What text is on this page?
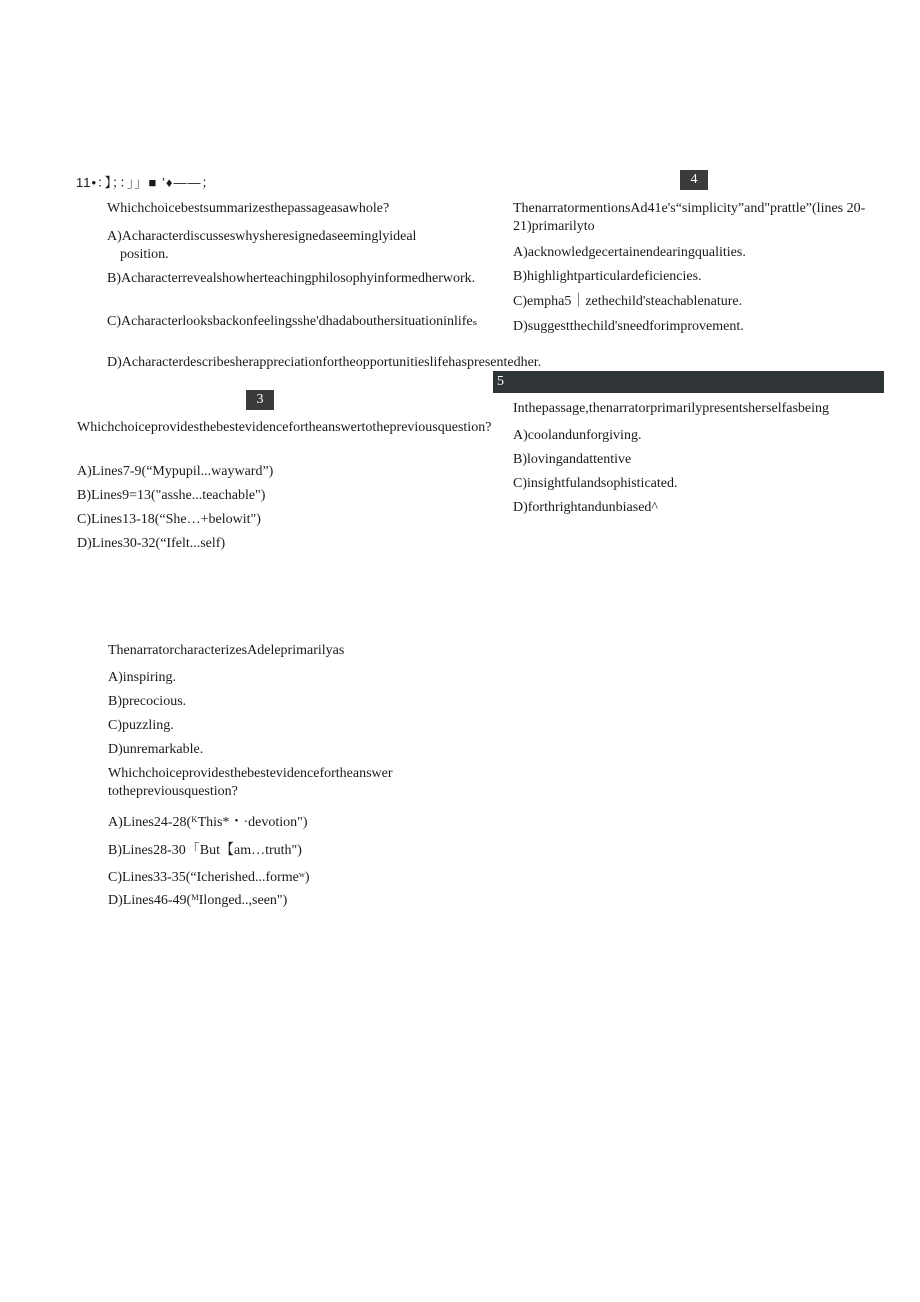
11•：】；：」」■ ’♦——；
Whichchoicebestsummarizesthepassageasawhole?
A)Acharacterdiscusseswhysheresignedaseeminglyideal position.
B)Acharacterrevealshowherteachingphilosophyinformedherwork.
C)Acharacterlooksbackonfeelingsshe'dhadabouthersituationinlifeₛ
D)Acharacterdescribesherappreciationfortheopportunitieslifehaspresentedher.
3
Whichchoiceprovidesthebestevidencefortheanswertothepreviousquestion?
A)Lines7-9(“Mypupil...wayward”)
B)Lines9=13("asshe...teachable")
C)Lines13-18(“She…+belowit")
D)Lines30-32(“Ifelt...self)
ThenarratorcharacterizesAdeleprimarilyas
A)inspiring.
B)precocious.
C)puzzling.
D)unremarkable.
Whichchoiceprovidesthebestevidencefortheanswer tothepreviousquestion?
A)Lines24-28(ᴷThis*・·devotion")
B)Lines28-30「But【am…truth")
C)Lines33-35(“Icherished...formeʷ)
D)Lines46-49(ᴹIlonged..,seen")
4
ThenarratormentionsAd41e's“simplicity”and"prattle”(lines 20-21)primarilyto
A)acknowledgecertainendearingqualities.
B)highlightparticulardeficiencies.
C)empha5｜zethechild'steachablenature.
D)suggestthechild'sneedforimprovement.
5
Inthepassage,thenarratorprimarilypresentsherselfasbeing
A)coolandunforgiving.
B)lovingandattentive
C)insightfulandsophisticated.
D)forthrightandunbiased^
